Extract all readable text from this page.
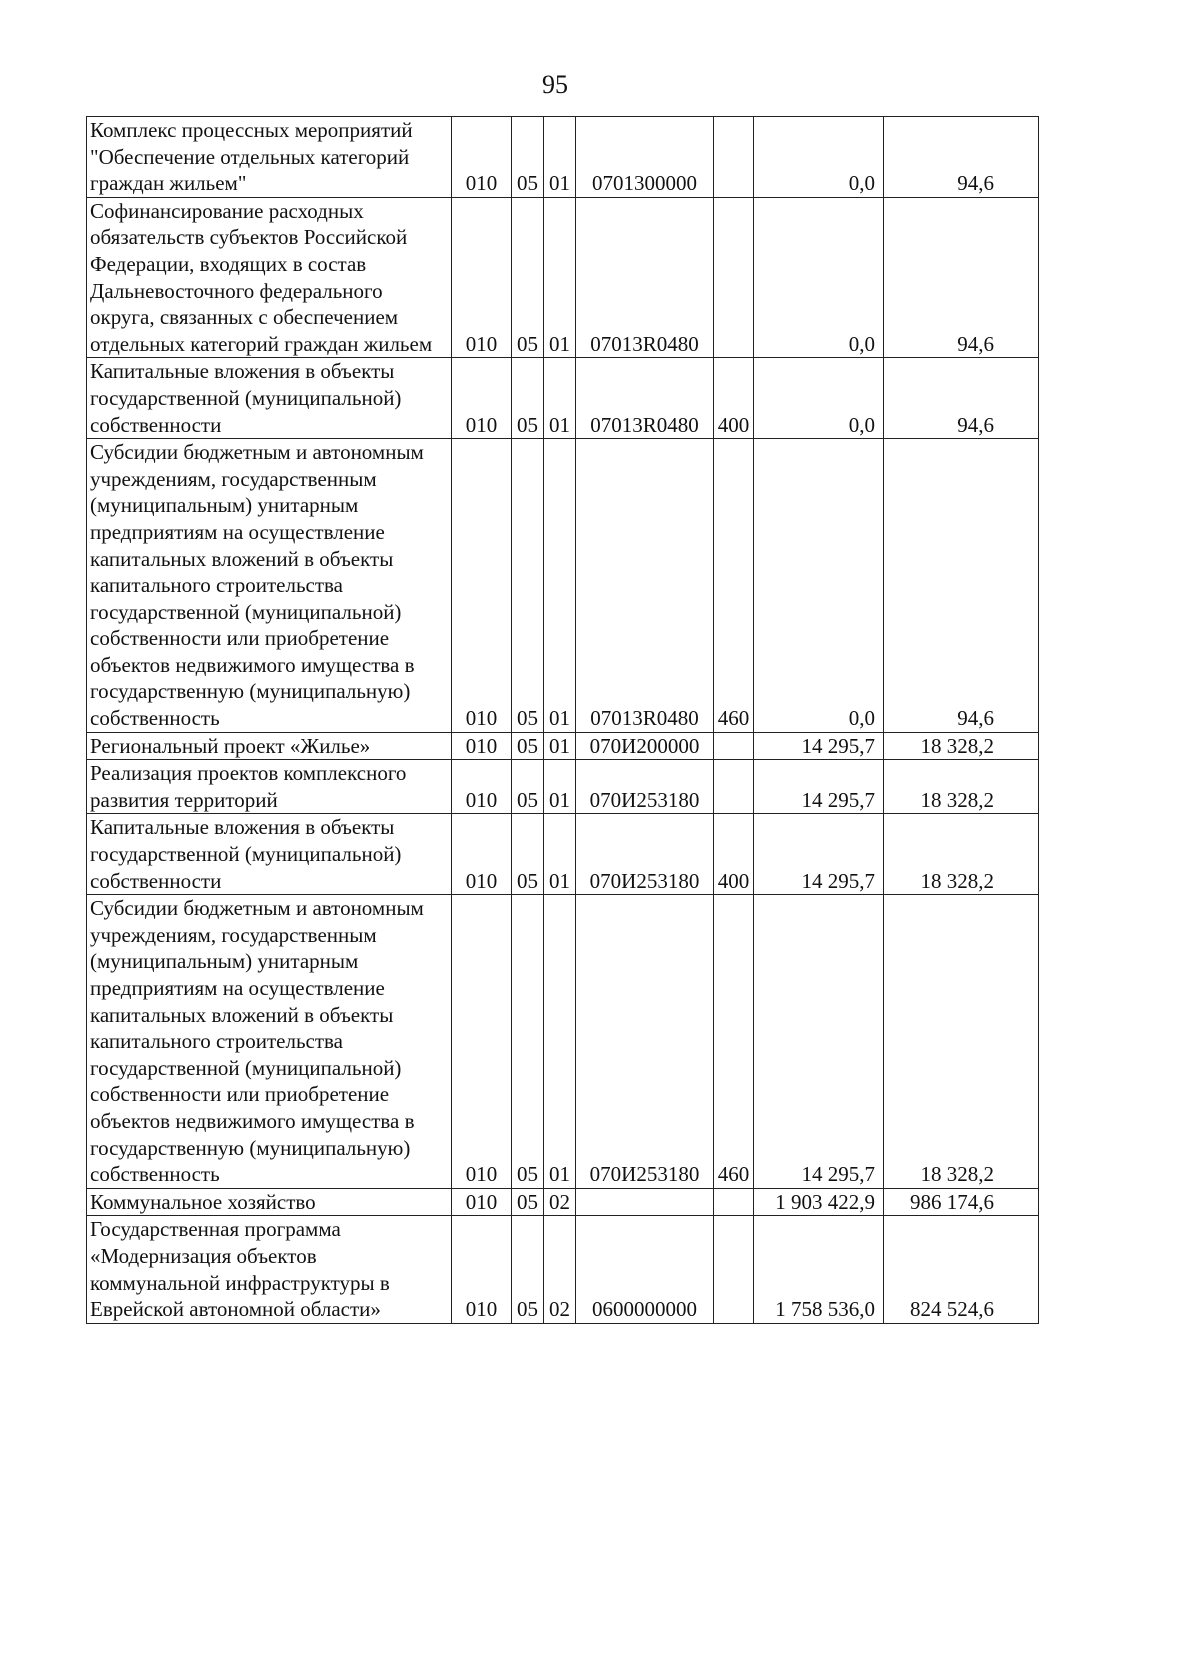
95
Комплекс процессных мероприятий "Обеспечение отдельных категорий граждан жильем"	010	05	01	0701300000		0,0	94,6
Софинансирование расходных обязательств субъектов Российской Федерации, входящих в состав Дальневосточного федерального округа, связанных с обеспечением отдельных категорий граждан жильем	010	05	01	07013R0480		0,0	94,6
Капитальные вложения в объекты государственной (муниципальной) собственности	010	05	01	07013R0480	400	0,0	94,6
Субсидии бюджетным и автономным учреждениям, государственным (муниципальным) унитарным предприятиям на осуществление капитальных вложений в объекты капитального строительства государственной (муниципальной) собственности или приобретение объектов недвижимого имущества в государственную (муниципальную) собственность	010	05	01	07013R0480	460	0,0	94,6
Региональный проект «Жилье»	010	05	01	070И200000		14 295,7	18 328,2
Реализация проектов комплексного развития территорий	010	05	01	070И253180		14 295,7	18 328,2
Капитальные вложения в объекты государственной (муниципальной) собственности	010	05	01	070И253180	400	14 295,7	18 328,2
Субсидии бюджетным и автономным учреждениям, государственным (муниципальным) унитарным предприятиям на осуществление капитальных вложений в объекты капитального строительства государственной (муниципальной) собственности или приобретение объектов недвижимого имущества в государственную (муниципальную) собственность	010	05	01	070И253180	460	14 295,7	18 328,2
Коммунальное хозяйство	010	05	02			1 903 422,9	986 174,6
Государственная программа «Модернизация объектов коммунальной инфраструктуры в Еврейской автономной области»	010	05	02	0600000000		1 758 536,0	824 524,6
